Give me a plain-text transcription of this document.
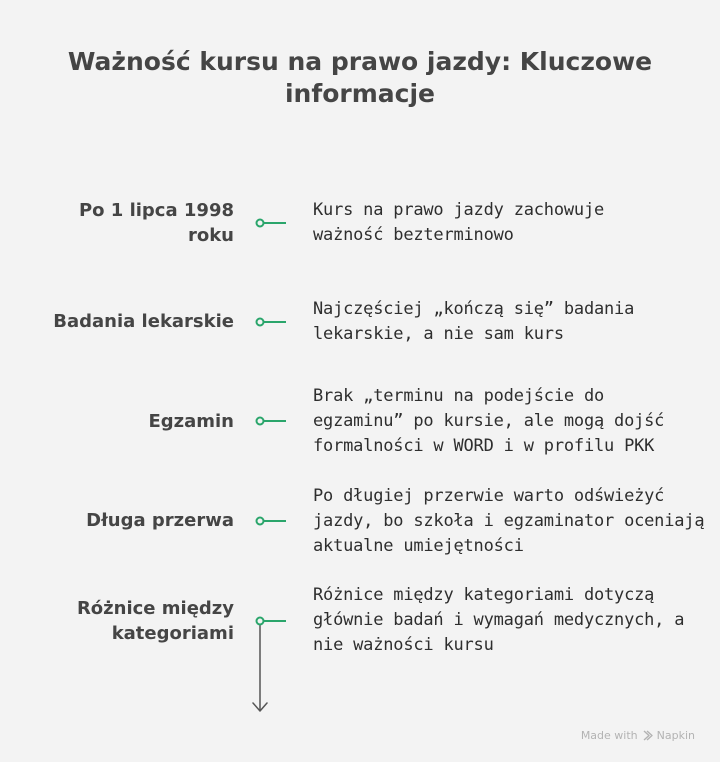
Ważność kursu na prawo jazdy: Kluczowe informacje
Po 1 lipca 1998 roku
Kurs na prawo jazdy zachowuje ważność bezterminowo
Badania lekarskie
Najczęściej „kończą się” badania lekarskie, a nie sam kurs
Egzamin
Brak „terminu na podejście do egzaminu” po kursie, ale mogą dojść formalności w WORD i w profilu PKK
Długa przerwa
Po długiej przerwie warto odświeżyć jazdy, bo szkoła i egzaminator oceniają aktualne umiejętności
Różnice między kategoriami
Różnice między kategoriami dotyczą głównie badań i wymagań medycznych, a nie ważności kursu
Made with Napkin
